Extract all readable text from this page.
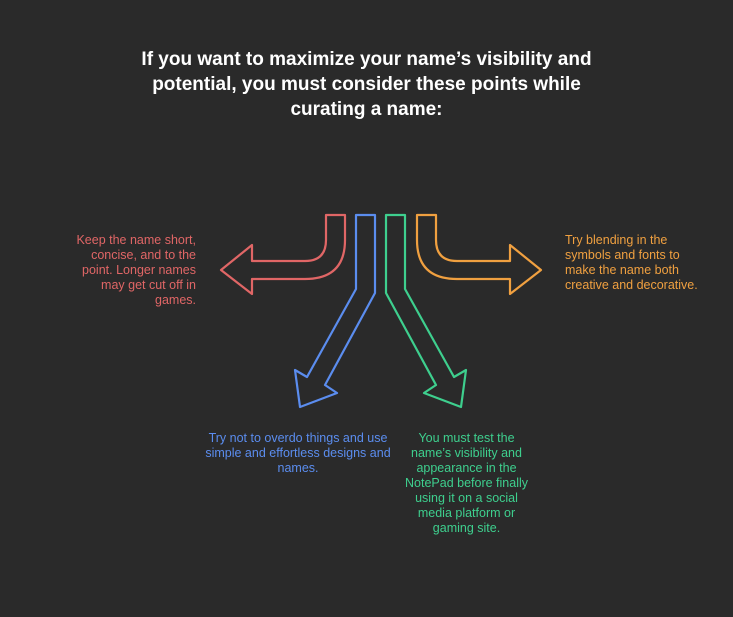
If you want to maximize your name’s visibility and potential, you must consider these points while curating a name:
Keep the name short, concise, and to the point. Longer names may get cut off in games.
Try not to overdo things and use simple and effortless designs and names.
You must test the name’s visibility and appearance in the NotePad before finally using it on a social media platform or gaming site.
Try blending in the symbols and fonts to make the name both creative and decorative.
